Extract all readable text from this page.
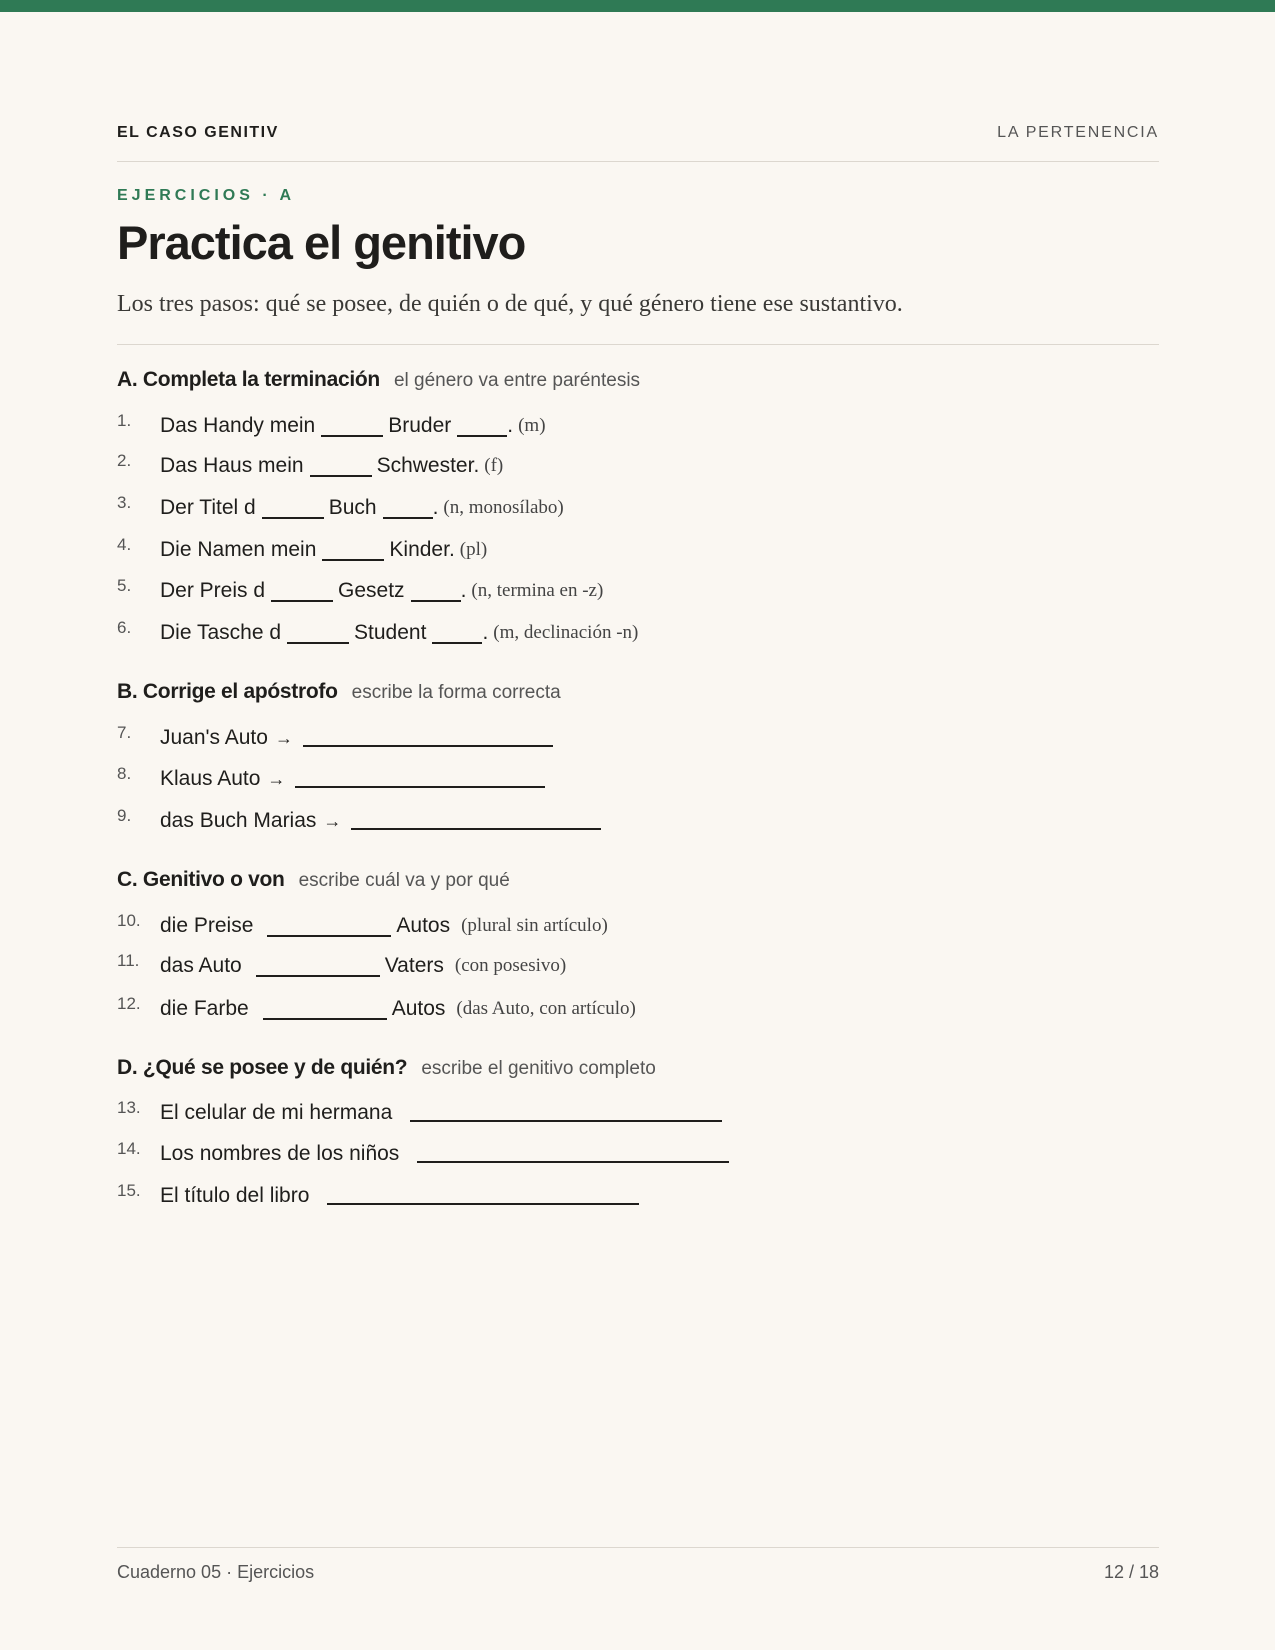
EL CASO GENITIV	LA PERTENENCIA
EJERCICIOS · A
Practica el genitivo
Los tres pasos: qué se posee, de quién o de qué, y qué género tiene ese sustantivo.
A. Completa la terminación el género va entre paréntesis
1.	Das Handy mein	Bruder	. (m)
2.	Das Haus mein	Schwester. (f)
3.	Der Titel d	Buch	. (n, monosílabo)
4.	Die Namen mein	Kinder. (pl)
5.	Der Preis d	Gesetz	. (n, termina en -z)
6.	Die Tasche d	Student	. (m, declinación -n)
B. Corrige el apóstrofo escribe la forma correcta
7.	Juan's Auto →
8.	Klaus Auto →
9.	das Buch Marias →
C. Genitivo o von escribe cuál va y por qué
10. die Preise	Autos (plural sin artículo)
11. das Auto	Vaters (con posesivo)
12. die Farbe	Autos (das Auto, con artículo)
D. ¿Qué se posee y de quién? escribe el genitivo completo
13. El celular de mi hermana
14. Los nombres de los niños
15. El título del libro
Cuaderno 05 · Ejercicios	12 / 18
